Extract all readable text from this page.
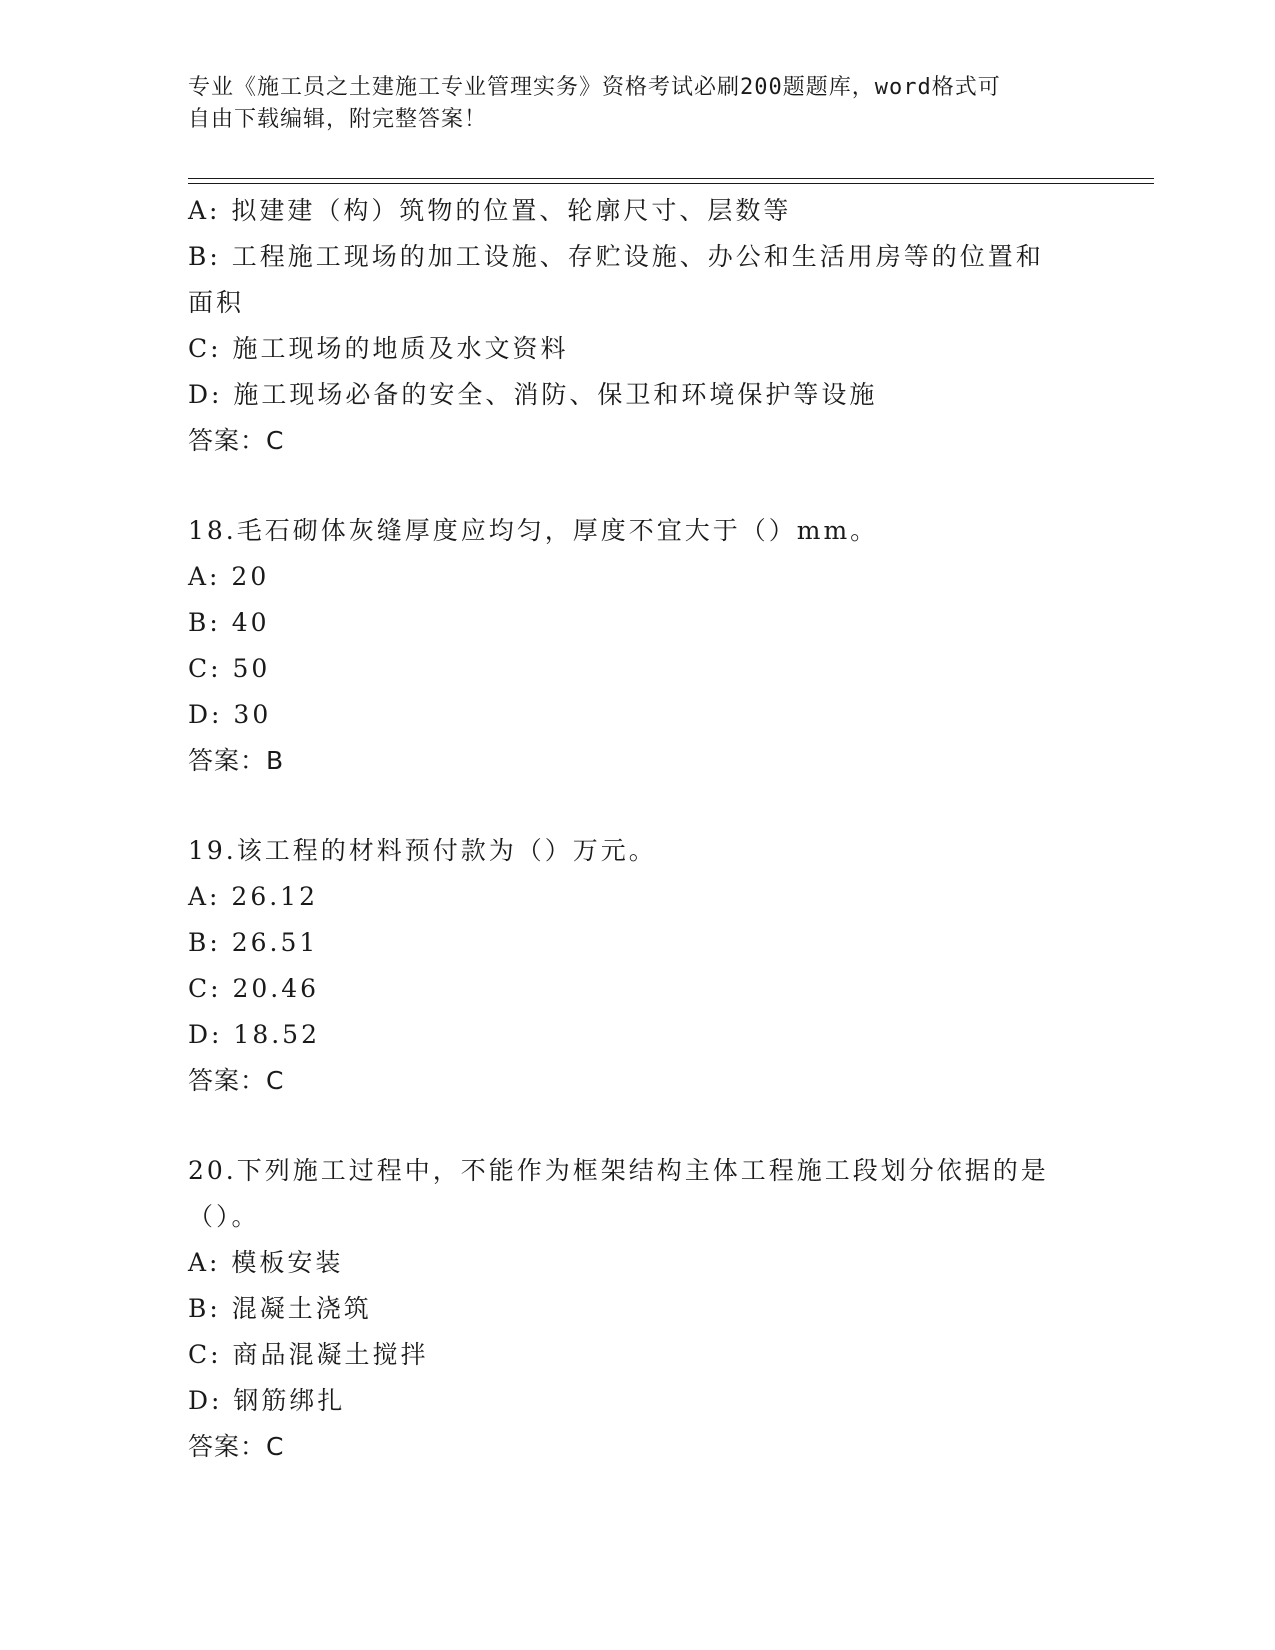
专业《施工员之土建施工专业管理实务》资格考试必刷200题题库，word格式可
自由下载编辑，附完整答案！
A: 拟建建（构）筑物的位置、轮廓尺寸、层数等
B: 工程施工现场的加工设施、存贮设施、办公和生活用房等的位置和
面积
C: 施工现场的地质及水文资料
D: 施工现场必备的安全、消防、保卫和环境保护等设施
答案：C
18.毛石砌体灰缝厚度应均匀，厚度不宜大于（）mm。
A: 20
B: 40
C: 50
D: 30
答案：B
19.该工程的材料预付款为（）万元。
A: 26.12
B: 26.51
C: 20.46
D: 18.52
答案：C
20.下列施工过程中，不能作为框架结构主体工程施工段划分依据的是
（）。
A: 模板安装
B: 混凝土浇筑
C: 商品混凝土搅拌
D: 钢筋绑扎
答案：C
